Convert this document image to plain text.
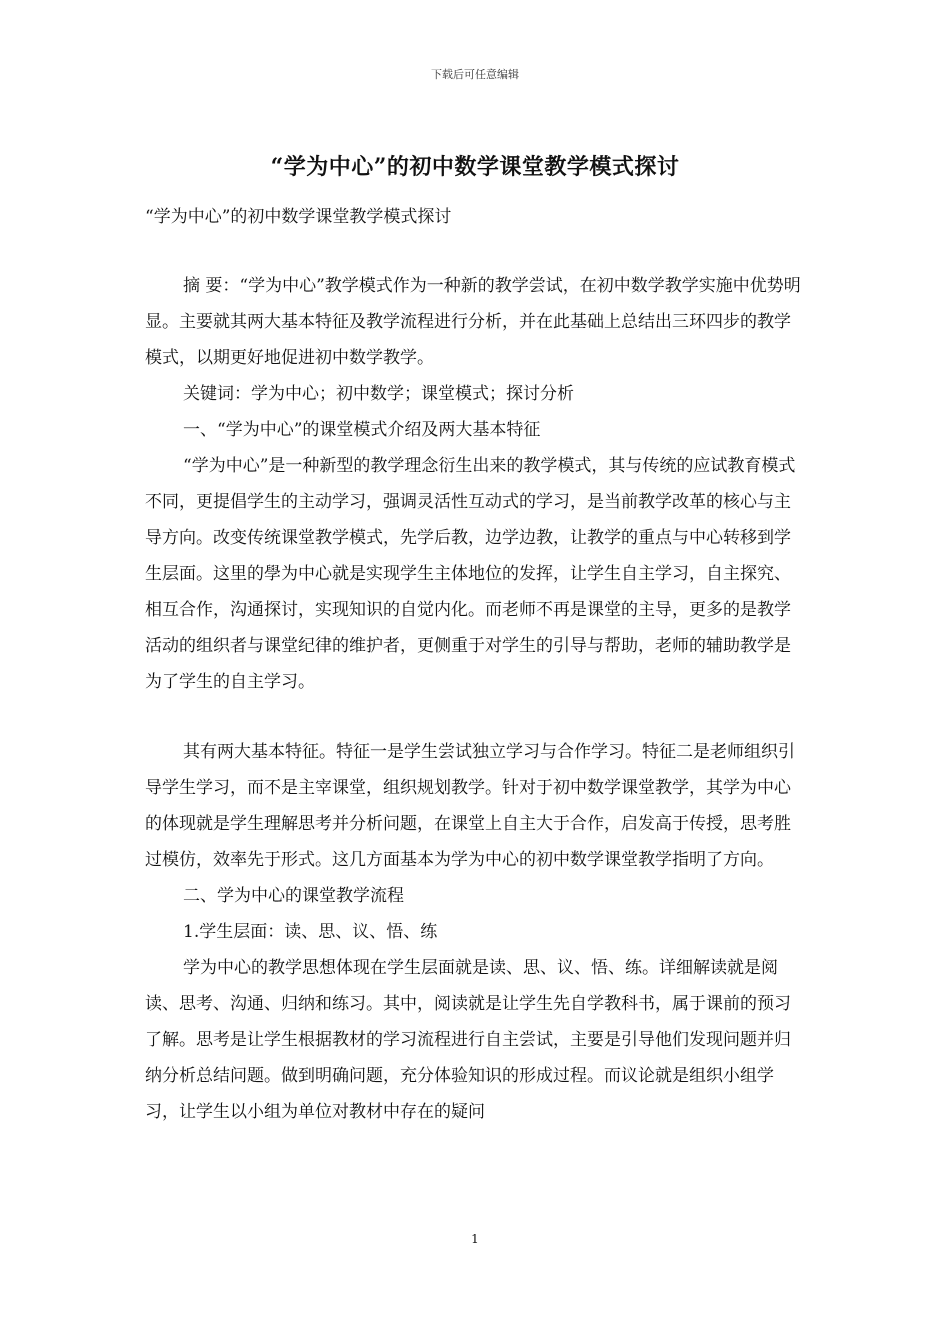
下载后可任意编辑
“学为中心”的初中数学课堂教学模式探讨
“学为中心”的初中数学课堂教学模式探讨

摘 要：“学为中心”教学模式作为一种新的教学尝试，在初中数学教学实施中优势明显。主要就其两大基本特征及教学流程进行分析，并在此基础上总结出三环四步的教学模式，以期更好地促进初中数学教学。

关键词：学为中心；初中数学；课堂模式；探讨分析

一、“学为中心”的课堂模式介绍及两大基本特征

“学为中心”是一种新型的教学理念衍生出来的教学模式，其与传统的应试教育模式不同，更提倡学生的主动学习，强调灵活性互动式的学习，是当前教学改革的核心与主导方向。改变传统课堂教学模式，先学后教，边学边教，让教学的重点与中心转移到学生层面。这里的學为中心就是实现学生主体地位的发挥，让学生自主学习，自主探究、相互合作，沟通探讨，实现知识的自觉内化。而老师不再是课堂的主导，更多的是教学活动的组织者与课堂纪律的维护者，更侧重于对学生的引导与帮助，老师的辅助教学是为了学生的自主学习。

其有两大基本特征。特征一是学生尝试独立学习与合作学习。特征二是老师组织引导学生学习，而不是主宰课堂，组织规划教学。针对于初中数学课堂教学，其学为中心的体现就是学生理解思考并分析问题，在课堂上自主大于合作，启发高于传授，思考胜过模仿，效率先于形式。这几方面基本为学为中心的初中数学课堂教学指明了方向。

二、学为中心的课堂教学流程

1.学生层面：读、思、议、悟、练

学为中心的教学思想体现在学生层面就是读、思、议、悟、练。详细解读就是阅读、思考、沟通、归纳和练习。其中，阅读就是让学生先自学教科书，属于课前的预习了解。思考是让学生根据教材的学习流程进行自主尝试，主要是引导他们发现问题并归纳分析总结问题。做到明确问题，充分体验知识的形成过程。而议论就是组织小组学习，让学生以小组为单位对教材中存在的疑问

1
